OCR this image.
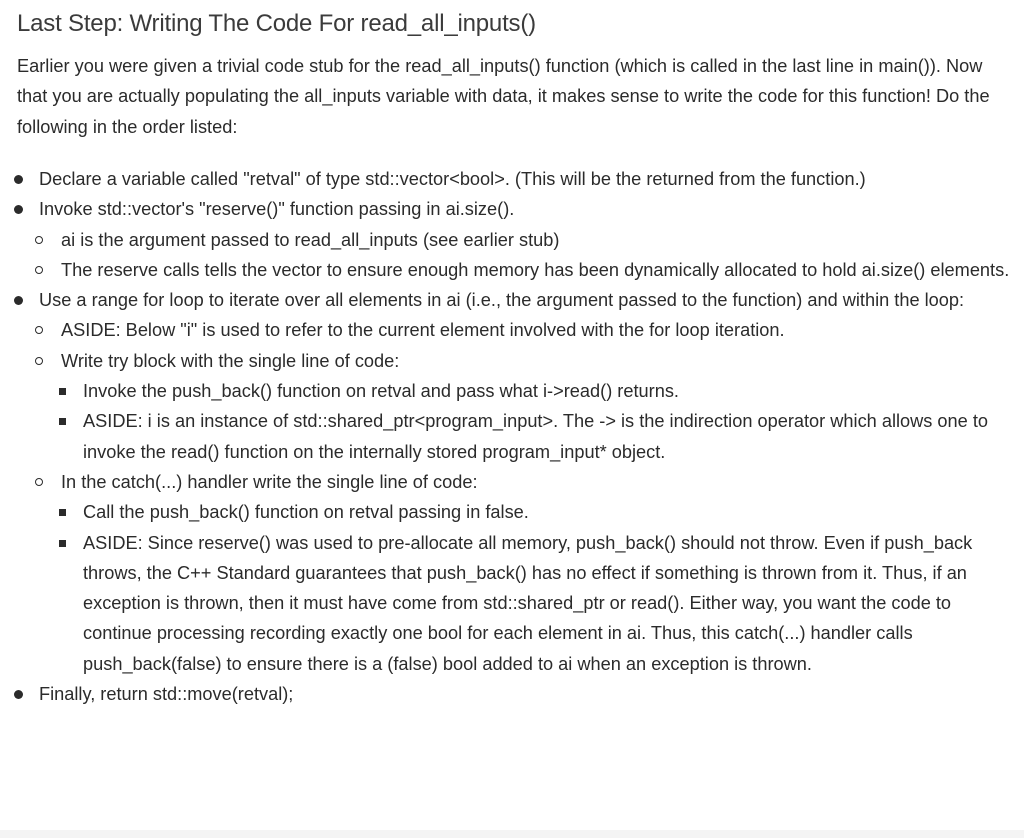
Last Step: Writing The Code For read_all_inputs()

Earlier you were given a trivial code stub for the read_all_inputs() function (which is called in the last line in main()). Now that you are actually populating the all_inputs variable with data, it makes sense to write the code for this function! Do the following in the order listed:

Declare a variable called "retval" of type std::vector<bool>. (This will be the returned from the function.)
Invoke std::vector's "reserve()" function passing in ai.size().
ai is the argument passed to read_all_inputs (see earlier stub)
The reserve calls tells the vector to ensure enough memory has been dynamically allocated to hold ai.size() elements.
Use a range for loop to iterate over all elements in ai (i.e., the argument passed to the function) and within the loop:
ASIDE: Below "i" is used to refer to the current element involved with the for loop iteration.
Write try block with the single line of code:
Invoke the push_back() function on retval and pass what i->read() returns.
ASIDE: i is an instance of std::shared_ptr<program_input>. The -> is the indirection operator which allows one to invoke the read() function on the internally stored program_input* object.
In the catch(...) handler write the single line of code:
Call the push_back() function on retval passing in false.
ASIDE: Since reserve() was used to pre-allocate all memory, push_back() should not throw. Even if push_back throws, the C++ Standard guarantees that push_back() has no effect if something is thrown from it. Thus, if an exception is thrown, then it must have come from std::shared_ptr or read(). Either way, you want the code to continue processing recording exactly one bool for each element in ai. Thus, this catch(...) handler calls push_back(false) to ensure there is a (false) bool added to ai when an exception is thrown.
Finally, return std::move(retval);
